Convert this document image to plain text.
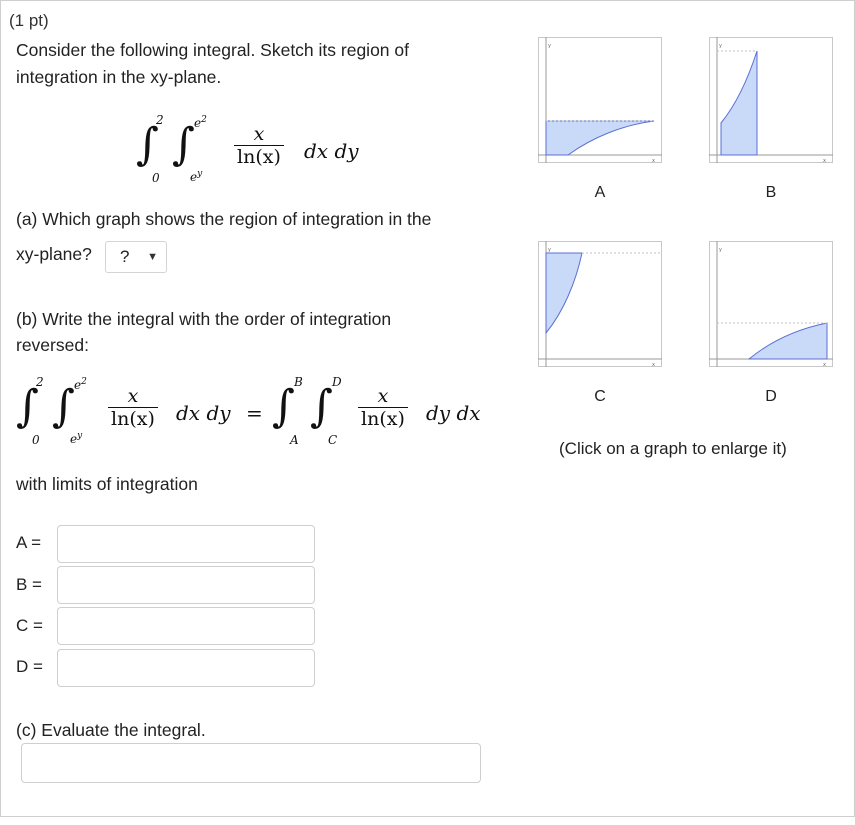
(1 pt)
Consider the following integral. Sketch its region of
integration in the xy-plane.
∫
2
0
∫ $e^2$
$e^y$
$\frac{x}{\ln(x)}$ dx dy
(a) Which graph shows the region of integration in the
xy-plane?	? ▼
(b) Write the integral with the order of integration
reversed:
∫
2
0
∫ $e^2$
$e^y$
$\frac{x}{\ln(x)}$ dx dy = ∫ B
A
∫ D
C
$\frac{x}{\ln(x)}$ dy dx
with limits of integration
A =
B =
C =
D =
(c) Evaluate the integral.
y
x
A
y
x
B
y
x
C
y
x
D
(Click on a graph to enlarge it)
